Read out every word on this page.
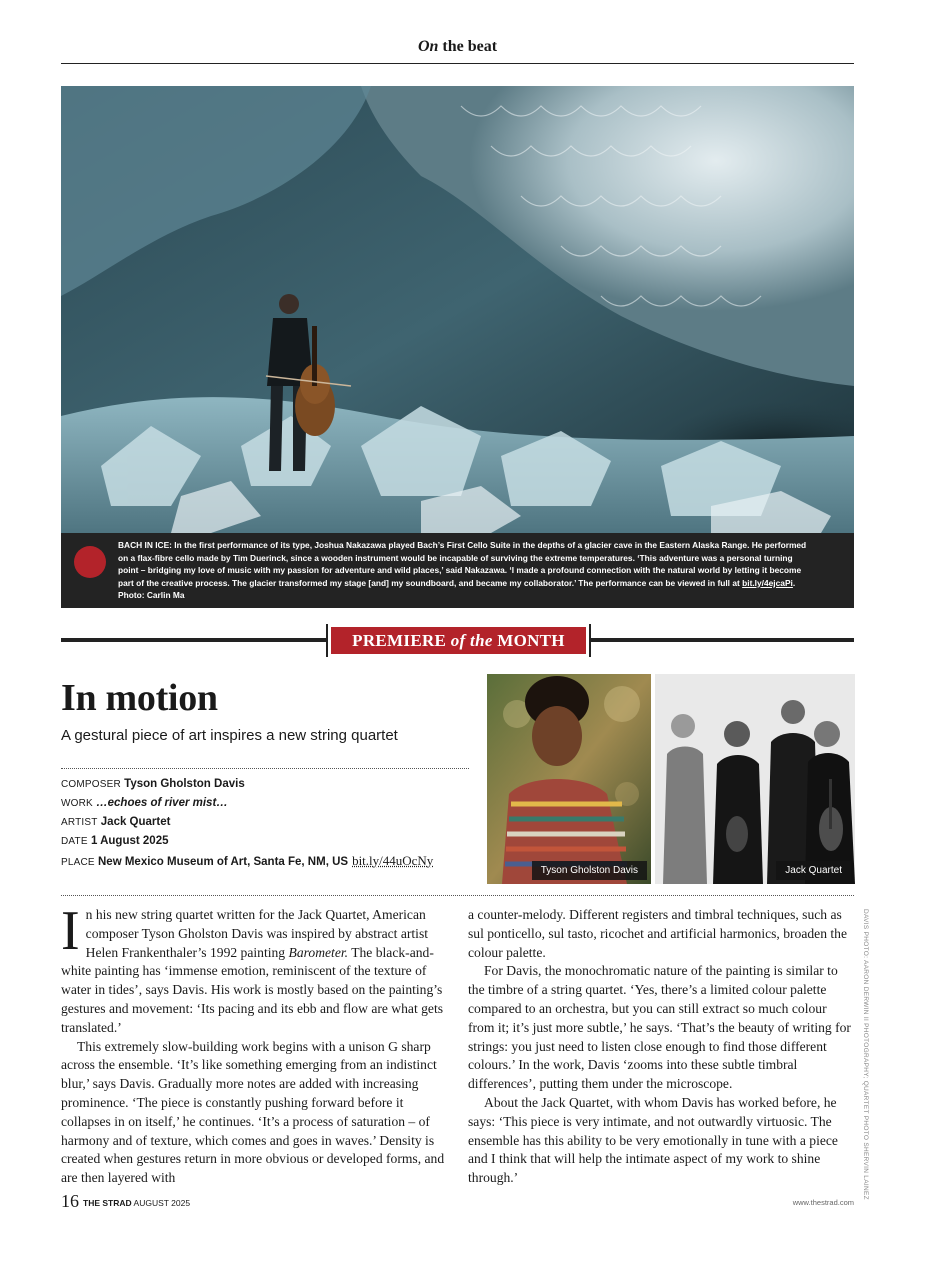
On the beat
BACH IN ICE: In the first performance of its type, Joshua Nakazawa played Bach’s First Cello Suite in the depths of a glacier cave in the Eastern Alaska Range. He performed on a flax-fibre cello made by Tim Duerinck, since a wooden instrument would be incapable of surviving the extreme temperatures. ‘This adventure was a personal turning point – bridging my love of music with my passion for adventure and wild places,’ said Nakazawa. ‘I made a profound connection with the natural world by letting it become part of the creative process. The glacier transformed my stage [and] my soundboard, and became my collaborator.’ The performance can be viewed in full at bit.ly/4ejcaPi. Photo: Carlin Ma
PREMIERE of the MONTH
In motion
A gestural piece of art inspires a new string quartet
COMPOSER Tyson Gholston Davis
WORK …echoes of river mist…
ARTIST Jack Quartet
DATE 1 August 2025
PLACE New Mexico Museum of Art, Santa Fe, NM, US bit.ly/44uOcNy
Tyson Gholston Davis	Jack Quartet

In his new string quartet written for the Jack Quartet, American composer Tyson Gholston Davis was inspired by abstract artist Helen Frankenthaler’s 1992 painting Barometer. The black-and-white painting has ‘immense emotion, reminiscent of the texture of water in tides’, says Davis. His work is mostly based on the painting’s gestures and movement: ‘Its pacing and its ebb and flow are what gets translated.’

This extremely slow-building work begins with a unison G sharp across the ensemble. ‘It’s like something emerging from an indistinct blur,’ says Davis. Gradually more notes are added with increasing prominence. ‘The piece is constantly pushing forward before it collapses in on itself,’ he continues. ‘It’s a process of saturation – of harmony and of texture, which comes and goes in waves.’ Density is created when gestures return in more obvious or developed forms, and are then layered with

a counter-melody. Different registers and timbral techniques, such as sul ponticello, sul tasto, ricochet and artificial harmonics, broaden the colour palette.

For Davis, the monochromatic nature of the painting is similar to the timbre of a string quartet. ‘Yes, there’s a limited colour palette compared to an orchestra, but you can still extract so much colour from it; it’s just more subtle,’ he says. ‘That’s the beauty of writing for strings: you just need to listen close enough to find those different colours.’ In the work, Davis ‘zooms into these subtle timbral differences’, putting them under the microscope.

About the Jack Quartet, with whom Davis has worked before, he says: ‘This piece is very intimate, and not outwardly virtuosic. The ensemble has this ability to be very emotionally in tune with a piece and I think that will help the intimate aspect of my work to shine through.’	DAVIS PHOTO: AARON DERWIN II PHOTOGRAPHY; QUARTET PHOTO SHERVIN LAINEZ
16 THE STRAD AUGUST 2025	www.thestrad.com
